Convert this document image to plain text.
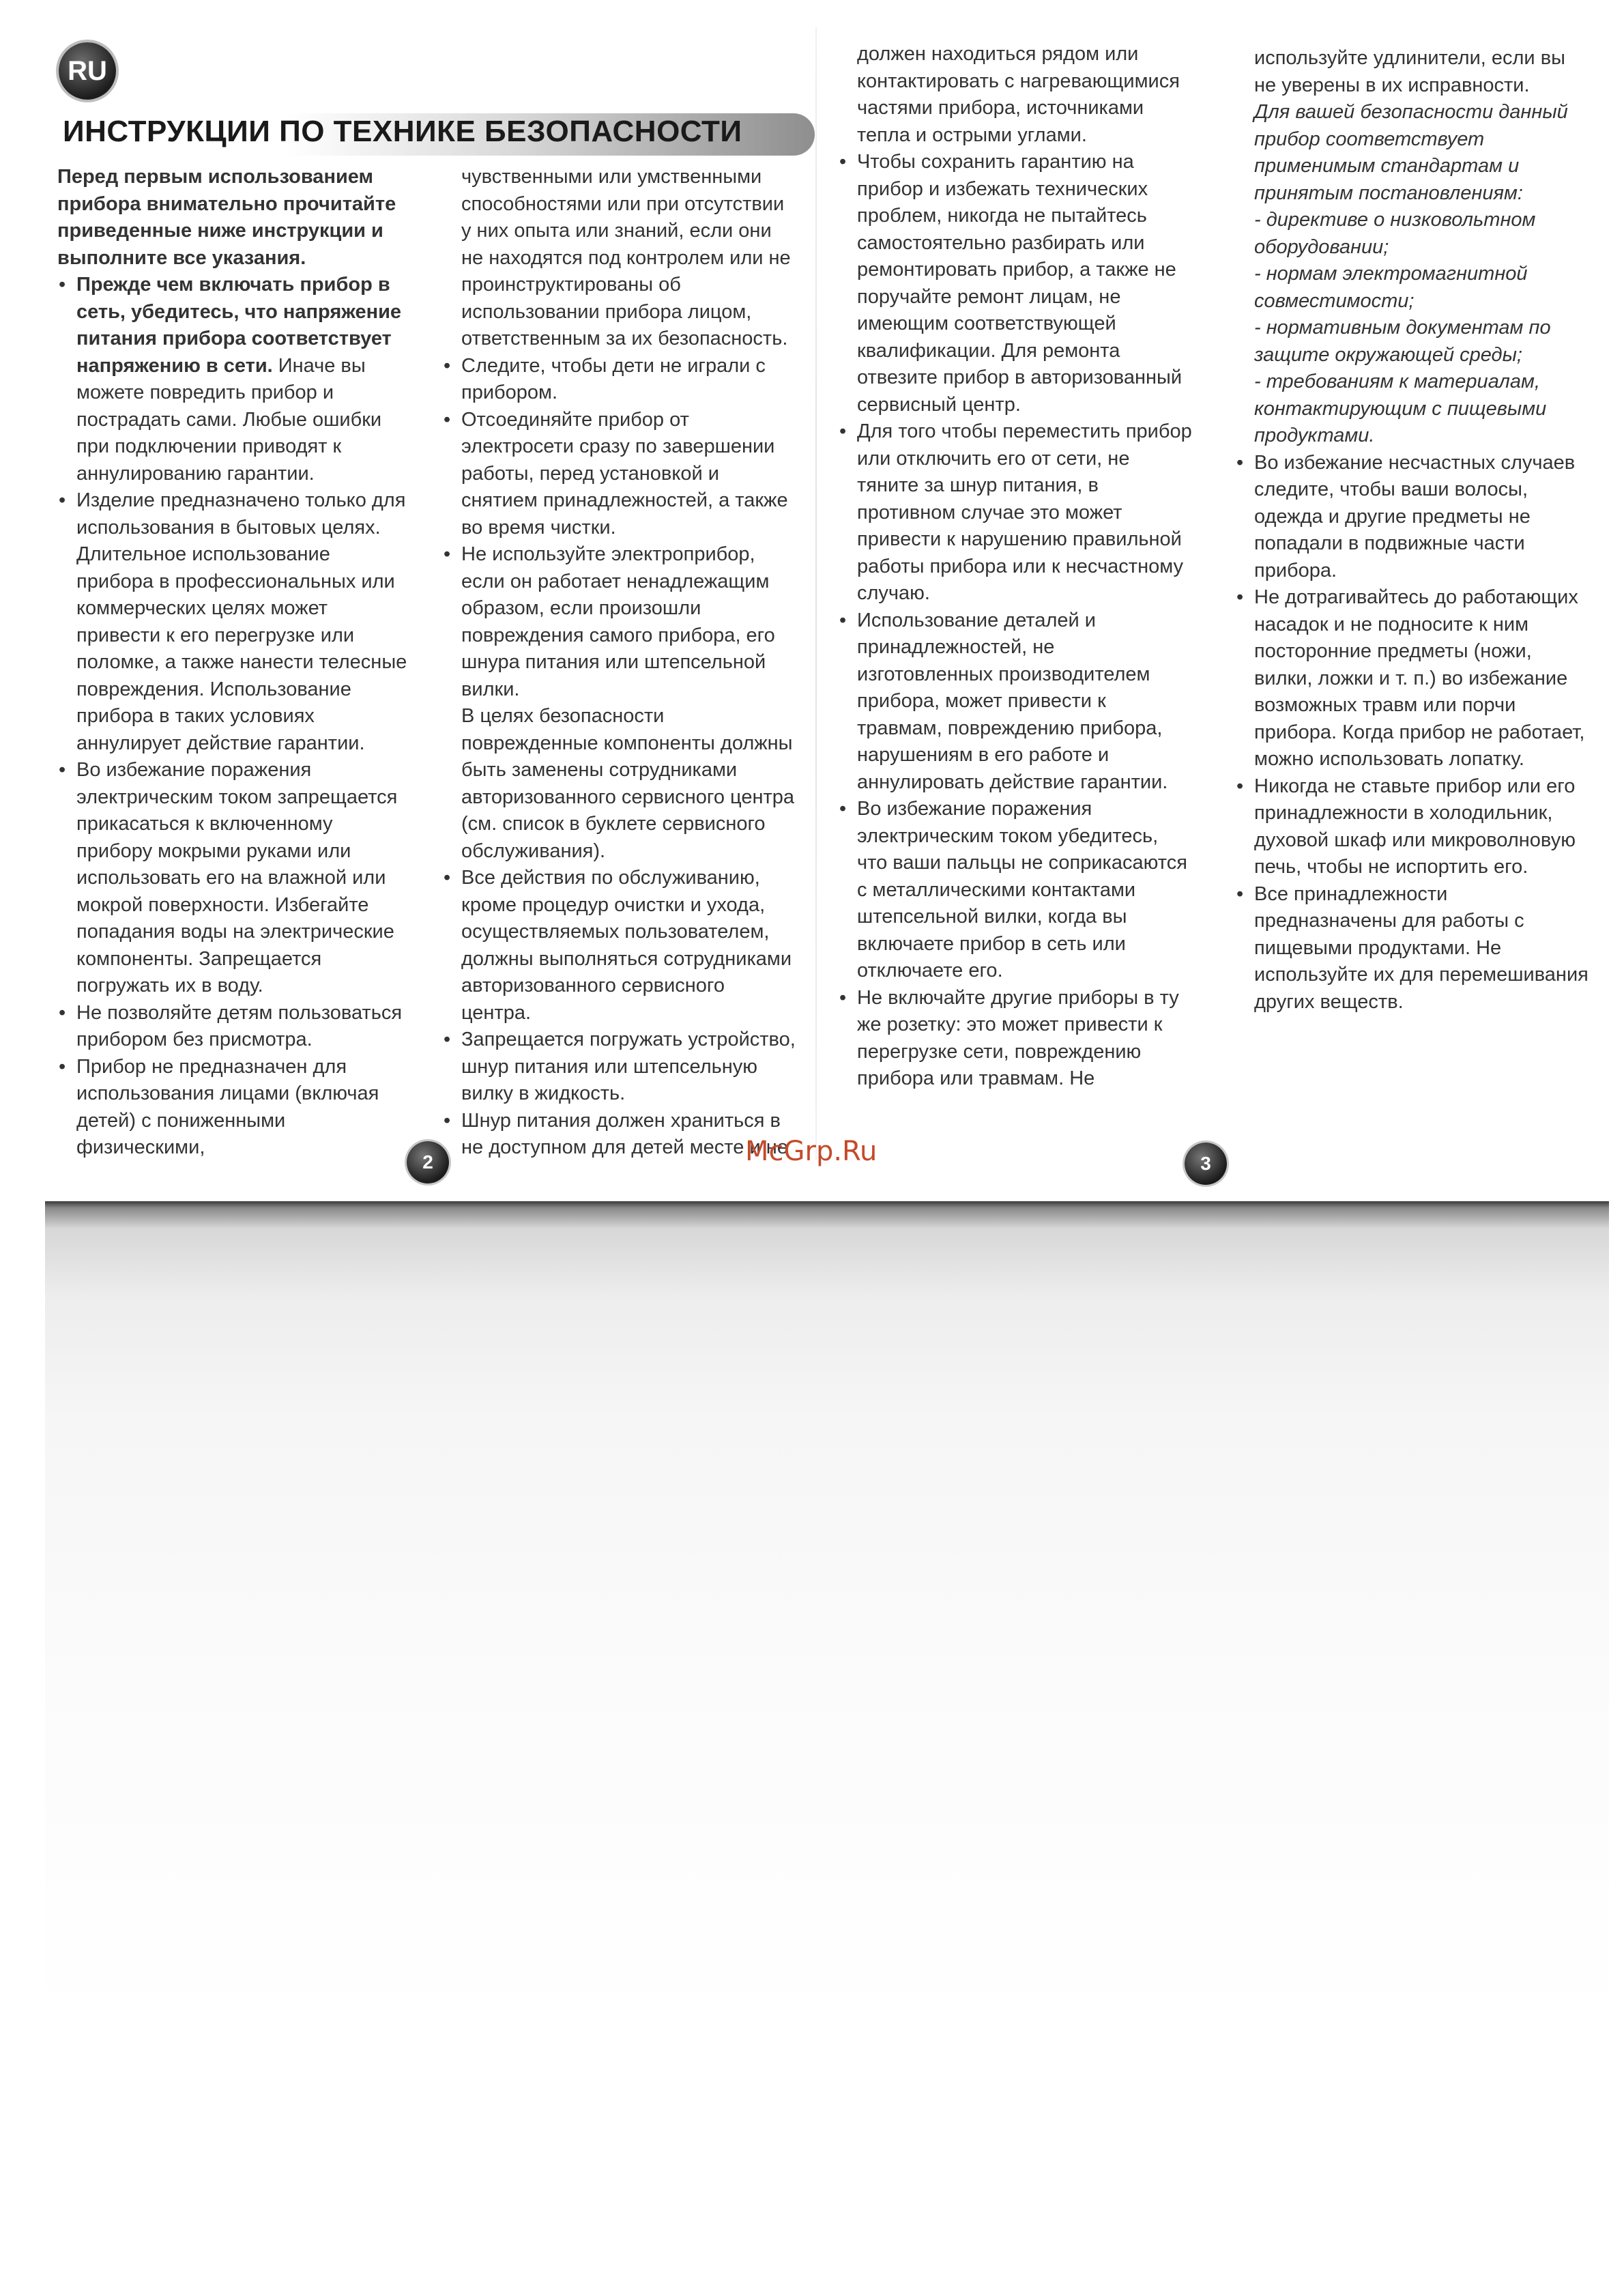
RU
ИНСТРУКЦИИ ПО ТЕХНИКЕ БЕЗОПАСНОСТИ

Перед первым использованием прибора внимательно прочитайте приведенные ниже инструкции и выполните все указания.

• Прежде чем включать прибор в сеть, убедитесь, что напряжение питания прибора соответствует напряжению в сети. Иначе вы можете повредить прибор и пострадать сами. Любые ошибки при подключении приводят к аннулированию гарантии.
• Изделие предназначено только для использования в бытовых целях. Длительное использование прибора в профессиональных или коммерческих целях может привести к его перегрузке или поломке, а также нанести телесные повреждения. Использование прибора в таких условиях аннулирует действие гарантии.
• Во избежание поражения электрическим током запрещается прикасаться к включенному прибору мокрыми руками или использовать его на влажной или мокрой поверхности. Избегайте попадания воды на электрические компоненты. Запрещается погружать их в воду.
• Не позволяйте детям пользоваться прибором без присмотра.
• Прибор не предназначен для использования лицами (включая детей) с пониженными физическими,
чувственными или умственными способностями или при отсутствии у них опыта или знаний, если они не находятся под контролем или не проинструктированы об использовании прибора лицом, ответственным за их безопасность.
• Следите, чтобы дети не играли с прибором.
• Отсоединяйте прибор от электросети сразу по завершении работы, перед установкой и снятием принадлежностей, а также во время чистки.
• Не используйте электроприбор, если он работает ненадлежащим образом, если произошли повреждения самого прибора, его шнура питания или штепсельной вилки.
В целях безопасности поврежденные компоненты должны быть заменены сотрудниками авторизованного сервисного центра (см. список в буклете сервисного обслуживания).
• Все действия по обслуживанию, кроме процедур очистки и ухода, осуществляемых пользователем, должны выполняться сотрудниками авторизованного сервисного центра.
• Запрещается погружать устройство, шнур питания или штепсельную вилку в жидкость.
• Шнур питания должен храниться в не доступном для детей месте и не
должен находиться рядом или контактировать с нагревающимися частями прибора, источниками тепла и острыми углами.
• Чтобы сохранить гарантию на прибор и избежать технических проблем, никогда не пытайтесь самостоятельно разбирать или ремонтировать прибор, а также не поручайте ремонт лицам, не имеющим соответствующей квалификации. Для ремонта отвезите прибор в авторизованный сервисный центр.
• Для того чтобы переместить прибор или отключить его от сети, не тяните за шнур питания, в противном случае это может привести к нарушению правильной работы прибора или к несчастному случаю.
• Использование деталей и принадлежностей, не изготовленных производителем прибора, может привести к травмам, повреждению прибора, нарушениям в его работе и аннулировать действие гарантии.
• Во избежание поражения электрическим током убедитесь, что ваши пальцы не соприкасаются с металлическими контактами штепсельной вилки, когда вы включаете прибор в сеть или отключаете его.
• Не включайте другие приборы в ту же розетку: это может привести к перегрузке сети, повреждению прибора или травмам. Не
используйте удлинители, если вы не уверены в их исправности.
Для вашей безопасности данный прибор соответствует применимым стандартам и принятым постановлениям:
- директиве о низковольтном оборудовании;
- нормам электромагнитной совместимости;
- нормативным документам по защите окружающей среды;
- требованиям к материалам, контактирующим с пищевыми продуктами.
• Во избежание несчастных случаев следите, чтобы ваши волосы, одежда и другие предметы не попадали в подвижные части прибора.
• Не дотрагивайтесь до работающих насадок и не подносите к ним посторонние предметы (ножи, вилки, ложки и т. п.) во избежание возможных травм или порчи прибора. Когда прибор не работает, можно использовать лопатку.
• Никогда не ставьте прибор или его принадлежности в холодильник, духовой шкаф или микроволновую печь, чтобы не испортить его.
• Все принадлежности предназначены для работы с пищевыми продуктами. Не используйте их для перемешивания других веществ.
2	McGrp.Ru	3
